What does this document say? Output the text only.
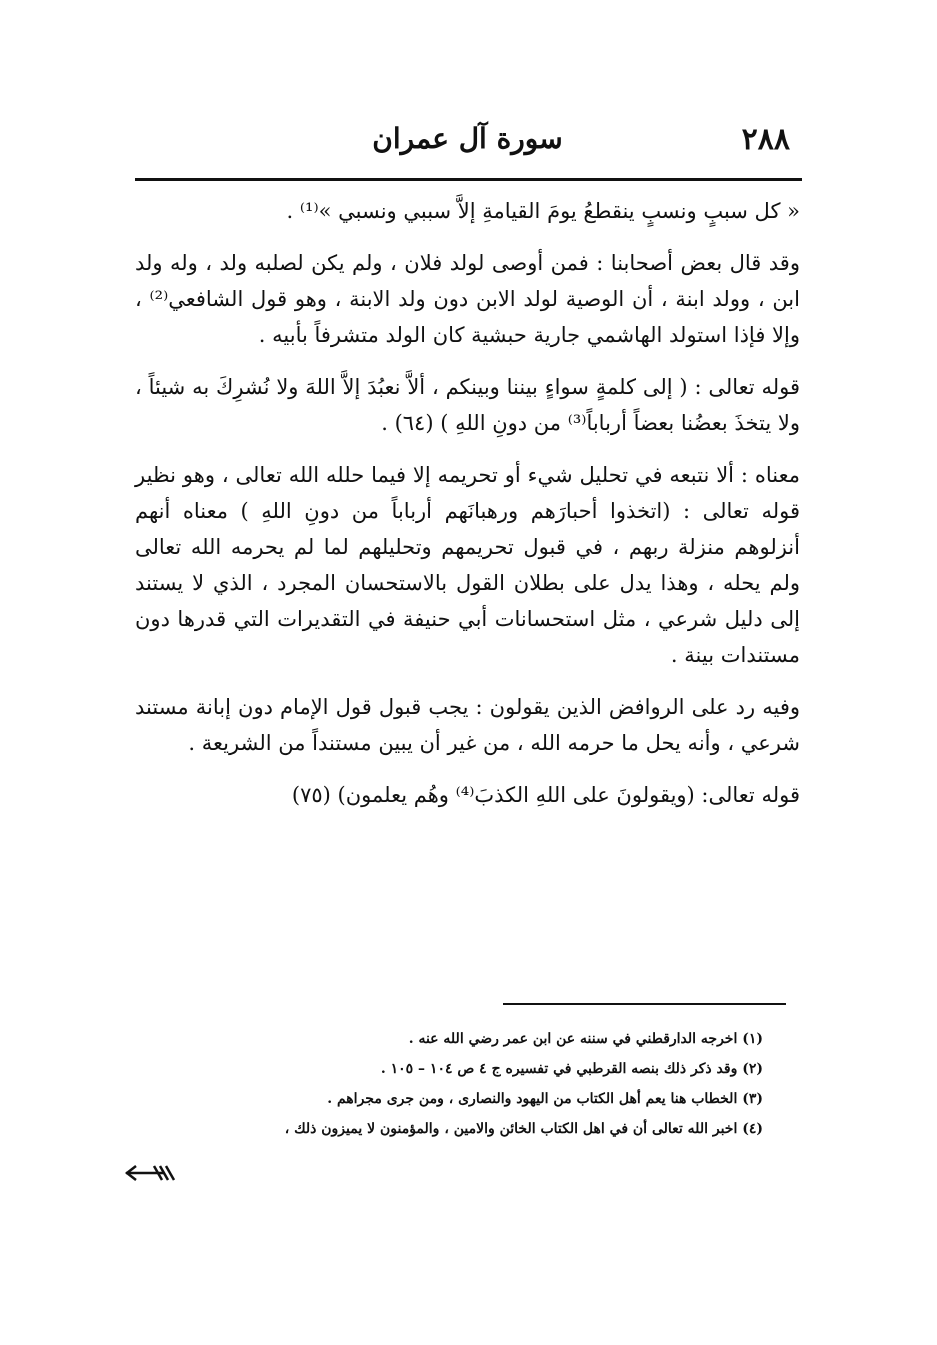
٢٨٨
سورة آل عمران

« كل سببٍ ونسبٍ ينقطعُ يومَ القيامةِ إلاَّ سببي ونسبي »⁽¹⁾ .

وقد قال بعض أصحابنا : فمن أوصى لولد فلان ، ولم يكن لصلبه ولد ، وله ولد ابن ، وولد ابنة ، أن الوصية لولد الابن دون ولد الابنة ، وهو قول الشافعي⁽²⁾ ، وإلا فإذا استولد الهاشمي جارية حبشية كان الولد متشرفاً بأبيه .

قوله تعالى : ( إلى كلمةٍ سواءٍ بيننا وبينكم ، ألاَّ نعبُدَ إلاَّ اللهَ ولا نُشرِكَ به شيئاً ، ولا يتخذَ بعضُنا بعضاً أرباباً⁽³⁾ من دونِ اللهِ ) (٦٤) .

معناه : ألا نتبعه في تحليل شيء أو تحريمه إلا فيما حلله الله تعالى ، وهو نظير قوله تعالى : (اتخذوا أحبارَهم ورهبانَهم أرباباً من دونِ اللهِ ) معناه أنهم أنزلوهم منزلة ربهم ، في قبول تحريمهم وتحليلهم لما لم يحرمه الله تعالى ولم يحله ، وهذا يدل على بطلان القول بالاستحسان المجرد ، الذي لا يستند إلى دليل شرعي ، مثل استحسانات أبي حنيفة في التقديرات التي قدرها دون مستندات بينة .

وفيه رد على الروافض الذين يقولون : يجب قبول قول الإمام دون إبانة مستند شرعي ، وأنه يحل ما حرمه الله ، من غير أن يبين مستنداً من الشريعة .

قوله تعالى: (ويقولونَ على اللهِ الكذبَ⁽⁴⁾ وهُم يعلمون) (٧٥)

(١) اخرجه الدارقطني في سننه عن ابن عمر رضي الله عنه .
(٢) وقد ذكر ذلك بنصه القرطبي في تفسيره ج ٤ ص ١٠٤ – ١٠٥ .
(٣) الخطاب هنا يعم أهل الكتاب من اليهود والنصارى ، ومن جرى مجراهم .
(٤) اخبر الله تعالى أن في اهل الكتاب الخائن والامين ، والمؤمنون لا يميزون ذلك ،
